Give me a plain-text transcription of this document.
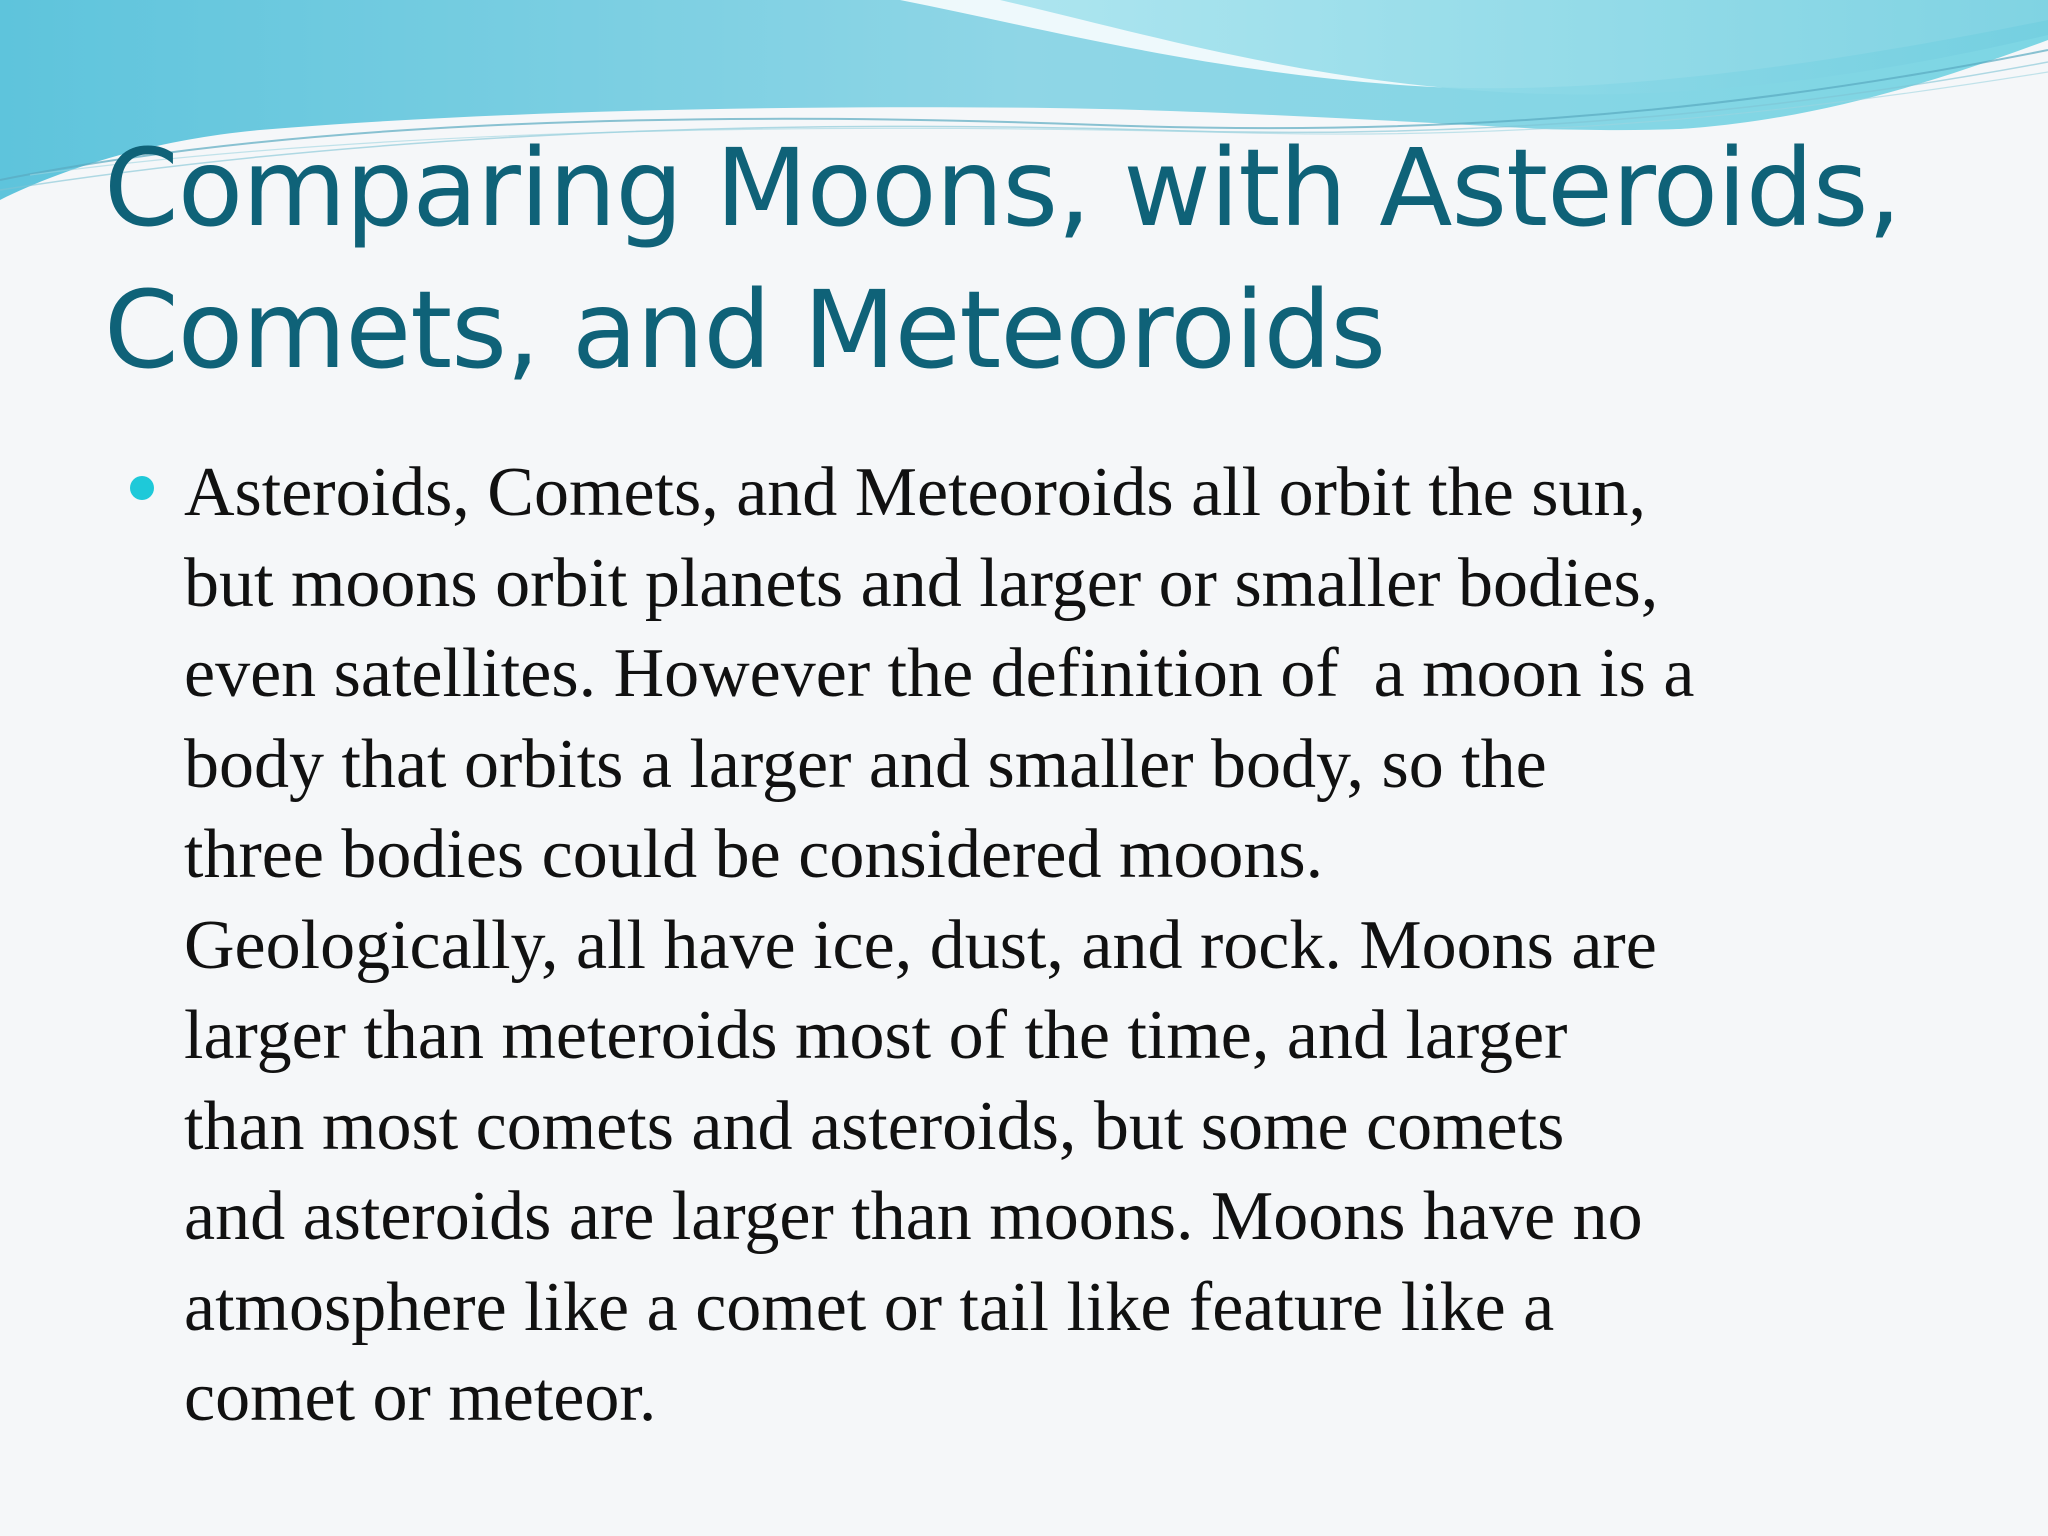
Comparing Moons, with Asteroids,
Comets, and Meteoroids
Asteroids, Comets, and Meteoroids all orbit the sun,
but moons orbit planets and larger or smaller bodies,
even satellites. However the definition of  a moon is a
body that orbits a larger and smaller body, so the
three bodies could be considered moons.
Geologically, all have ice, dust, and rock. Moons are
larger than meteroids most of the time, and larger
than most comets and asteroids, but some comets
and asteroids are larger than moons. Moons have no
atmosphere like a comet or tail like feature like a
comet or meteor.
